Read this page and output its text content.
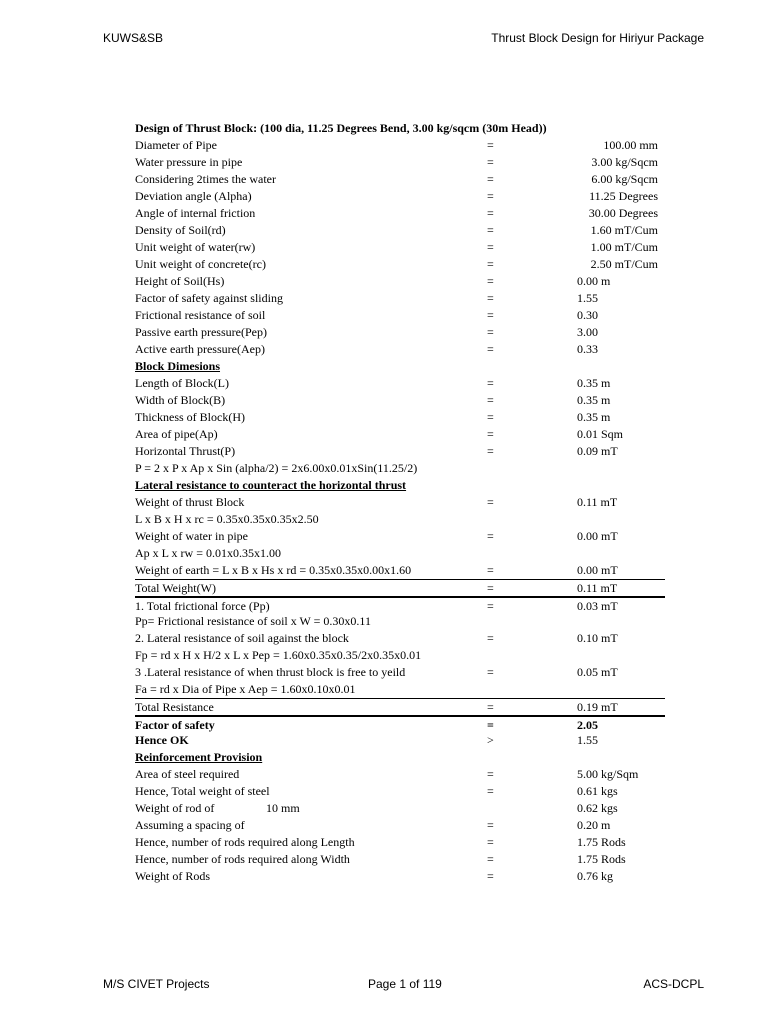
KUWS&SB	Thrust Block Design for Hiriyur Package
Design of Thrust Block: (100 dia, 11.25 Degrees Bend, 3.00 kg/sqcm (30m Head))
Diameter of Pipe	=	100.00 mm
Water pressure in pipe	=	3.00 kg/Sqcm
Considering 2times the water	=	6.00 kg/Sqcm
Deviation angle (Alpha)	=	11.25 Degrees
Angle of internal friction	=	30.00 Degrees
Density of Soil(rd)	=	1.60 mT/Cum
Unit weight of water(rw)	=	1.00 mT/Cum
Unit weight of concrete(rc)	=	2.50 mT/Cum
Height of Soil(Hs)	=	0.00 m
Factor of safety against sliding	=	1.55
Frictional resistance of soil	=	0.30
Passive earth pressure(Pep)	=	3.00
Active earth pressure(Aep)	=	0.33
Block Dimesions
Length of Block(L)	=	0.35 m
Width of Block(B)	=	0.35 m
Thickness of Block(H)	=	0.35 m
Area of pipe(Ap)	=	0.01 Sqm
Horizontal Thrust(P)	=	0.09 mT
P = 2 x P x Ap x Sin (alpha/2) = 2x6.00x0.01xSin(11.25/2)
Lateral resistance to counteract the horizontal thrust
Weight of thrust Block	=	0.11 mT
L x B x H x rc = 0.35x0.35x0.35x2.50
Weight of water in pipe	=	0.00 mT
Ap x L x rw = 0.01x0.35x1.00
Weight of earth = L x B x Hs x rd = 0.35x0.35x0.00x1.60	=	0.00 mT
Total Weight(W)	=	0.11 mT
1. Total frictional force (Pp)	=	0.03 mT
Pp= Frictional resistance of soil x W = 0.30x0.11
2. Lateral resistance of soil against the block	=	0.10 mT
Fp = rd x H x H/2 x L x Pep = 1.60x0.35x0.35/2x0.35x0.01
3 .Lateral resistance of when thrust block is free to yeild	=	0.05 mT
Fa = rd x Dia of Pipe x Aep = 1.60x0.10x0.01
Total Resistance	=	0.19 mT
Factor of safety	=	2.05
Hence OK	>	1.55
Reinforcement Provision
Area of steel required	=	5.00 kg/Sqm
Hence, Total weight of steel	=	0.61 kgs
Weight of rod of	10 mm	0.62 kgs
Assuming a spacing of	=	0.20 m
Hence, number of rods required along Length	=	1.75 Rods
Hence, number of rods required along Width	=	1.75 Rods
Weight of Rods	=	0.76 kg
M/S CIVET Projects	Page 1 of 119	ACS-DCPL
